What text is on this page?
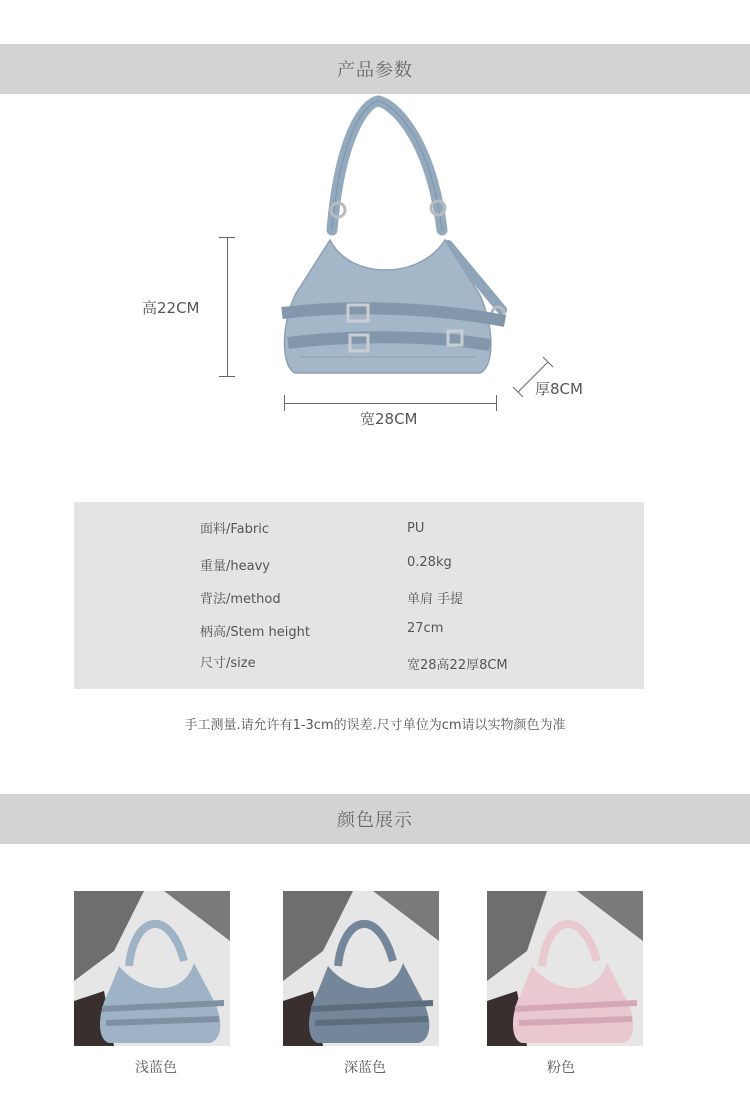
产品参数
高22CM
宽28CM
厚8CM
面料/Fabric	PU
重量/heavy	0.28kg
背法/method	单肩 手提
柄高/Stem height	27cm
尺寸/size	宽28高22厚8CM
手工测量.请允许有1-3cm的误差.尺寸单位为cm请以实物颜色为准
颜色展示
浅蓝色	深蓝色	粉色
